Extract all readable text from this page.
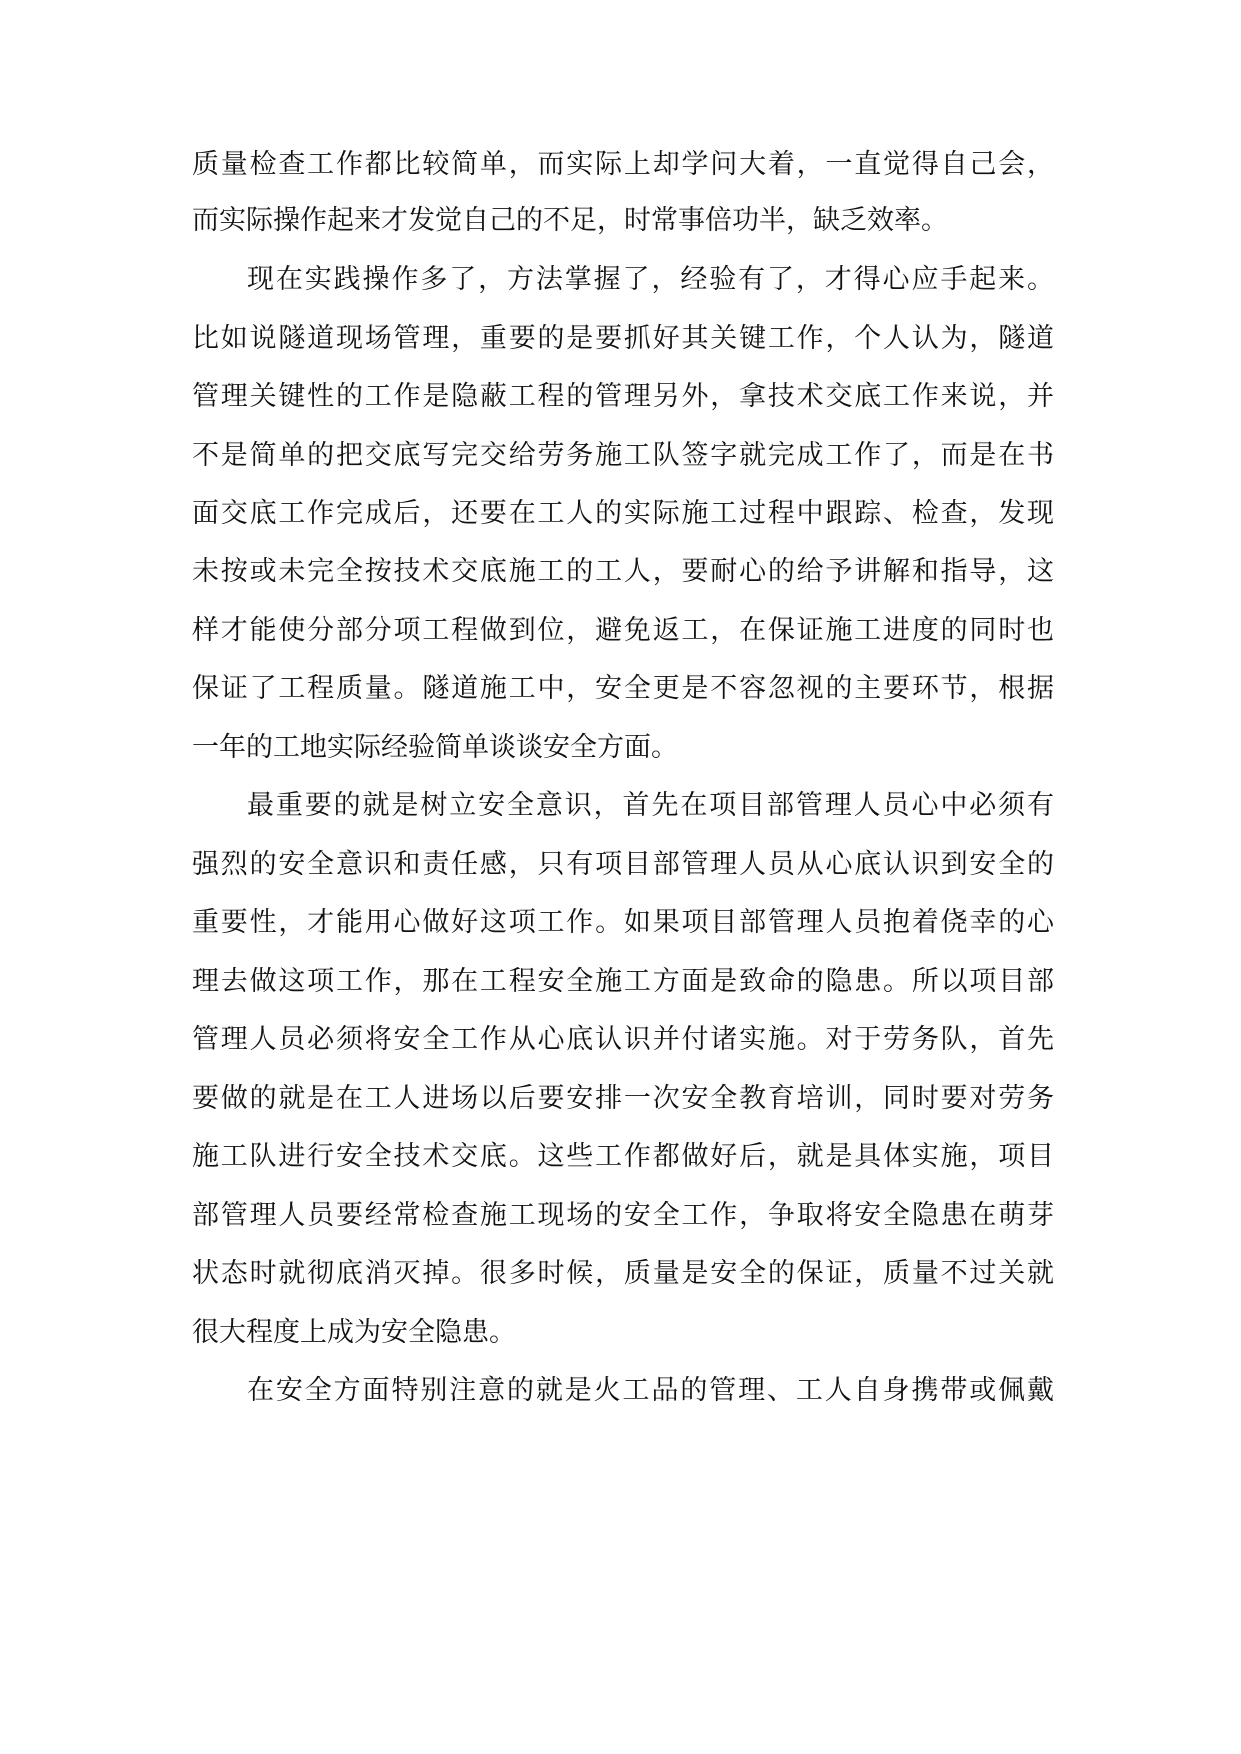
质量检查工作都比较简单，而实际上却学问大着，一直觉得自己会，
而实际操作起来才发觉自己的不足，时常事倍功半，缺乏效率。
现在实践操作多了，方法掌握了，经验有了，才得心应手起来。
比如说隧道现场管理，重要的是要抓好其关键工作，个人认为，隧道
管理关键性的工作是隐蔽工程的管理另外，拿技术交底工作来说，并
不是简单的把交底写完交给劳务施工队签字就完成工作了，而是在书
面交底工作完成后，还要在工人的实际施工过程中跟踪、检查，发现
未按或未完全按技术交底施工的工人，要耐心的给予讲解和指导，这
样才能使分部分项工程做到位，避免返工，在保证施工进度的同时也
保证了工程质量。隧道施工中，安全更是不容忽视的主要环节，根据
一年的工地实际经验简单谈谈安全方面。
最重要的就是树立安全意识，首先在项目部管理人员心中必须有
强烈的安全意识和责任感，只有项目部管理人员从心底认识到安全的
重要性，才能用心做好这项工作。如果项目部管理人员抱着侥幸的心
理去做这项工作，那在工程安全施工方面是致命的隐患。所以项目部
管理人员必须将安全工作从心底认识并付诸实施。对于劳务队，首先
要做的就是在工人进场以后要安排一次安全教育培训，同时要对劳务
施工队进行安全技术交底。这些工作都做好后，就是具体实施，项目
部管理人员要经常检查施工现场的安全工作，争取将安全隐患在萌芽
状态时就彻底消灭掉。很多时候，质量是安全的保证，质量不过关就
很大程度上成为安全隐患。
在安全方面特别注意的就是火工品的管理、工人自身携带或佩戴
